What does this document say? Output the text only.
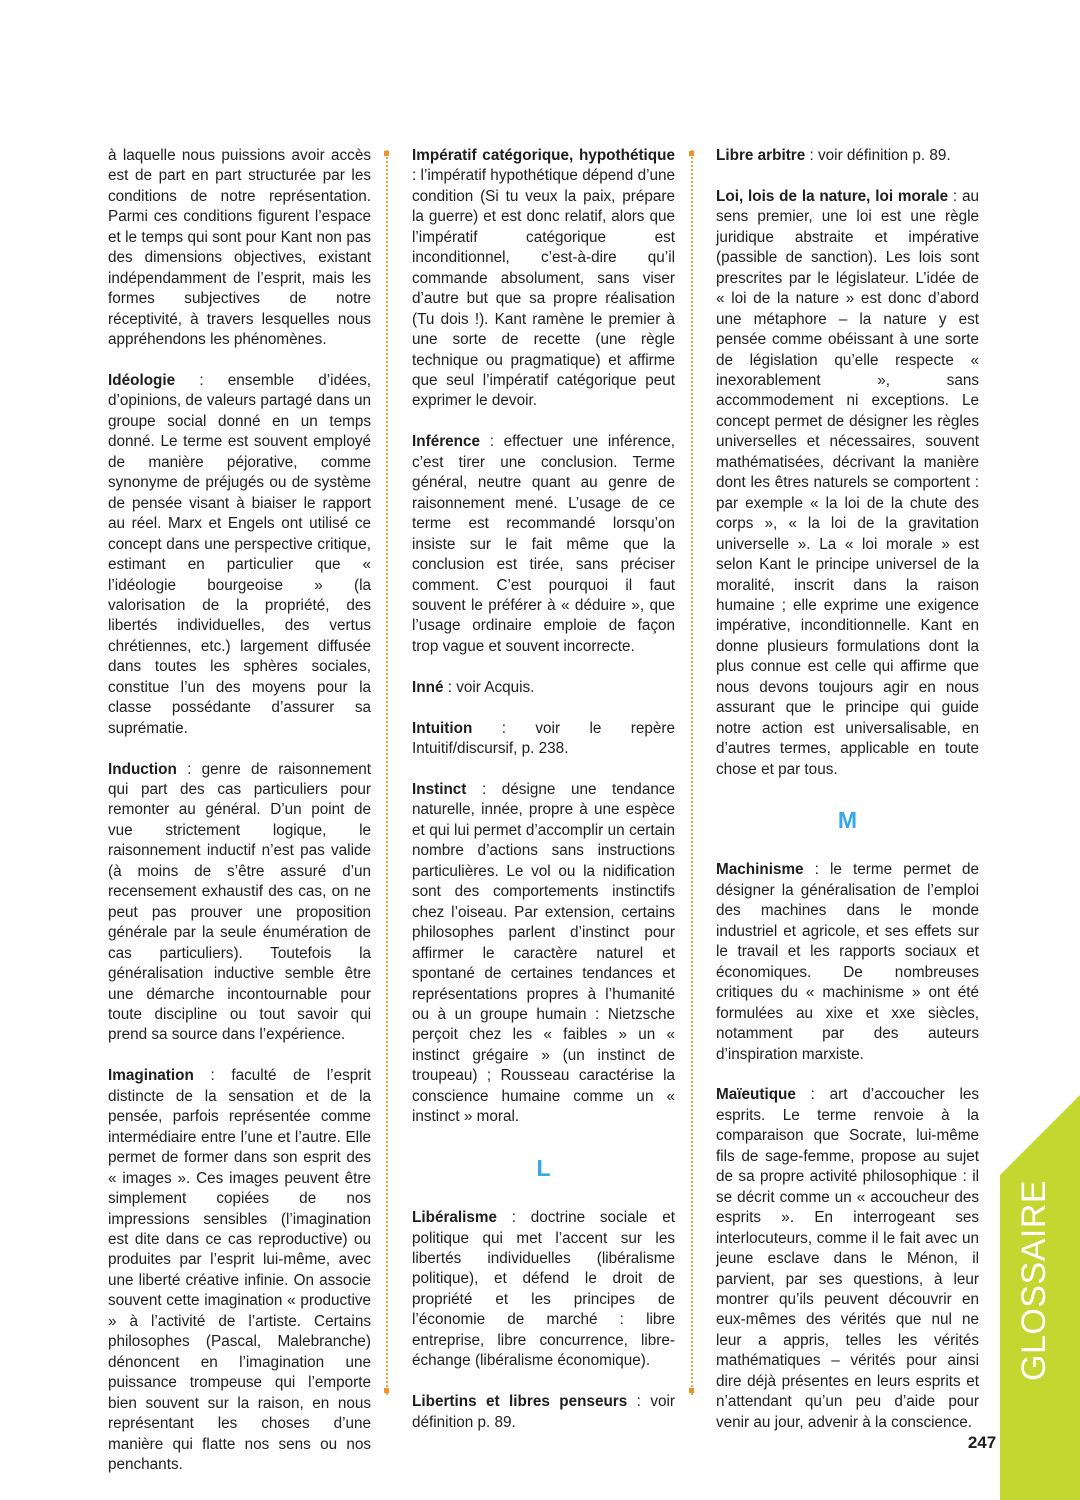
à laquelle nous puissions avoir accès est de part en part structurée par les conditions de notre représentation. Parmi ces conditions figurent l’espace et le temps qui sont pour Kant non pas des dimensions objectives, existant indépendamment de l’esprit, mais les formes subjectives de notre réceptivité, à travers lesquelles nous appréhendons les phénomènes.

Idéologie : ensemble d’idées, d’opinions, de valeurs partagé dans un groupe social donné en un temps donné. Le terme est souvent employé de manière péjorative, comme synonyme de préjugés ou de système de pensée visant à biaiser le rapport au réel. Marx et Engels ont utilisé ce concept dans une perspective critique, estimant en particulier que « l’idéologie bourgeoise » (la valorisation de la propriété, des libertés individuelles, des vertus chrétiennes, etc.) largement diffusée dans toutes les sphères sociales, constitue l’un des moyens pour la classe possédante d’assurer sa suprématie.

Induction : genre de raisonnement qui part des cas particuliers pour remonter au général. D’un point de vue strictement logique, le raisonnement inductif n’est pas valide (à moins de s’être assuré d’un recensement exhaustif des cas, on ne peut pas prouver une proposition générale par la seule énumération de cas particuliers). Toutefois la généralisation inductive semble être une démarche incontournable pour toute discipline ou tout savoir qui prend sa source dans l’expérience.

Imagination : faculté de l’esprit distincte de la sensation et de la pensée, parfois représentée comme intermédiaire entre l’une et l’autre. Elle permet de former dans son esprit des « images ». Ces images peuvent être simplement copiées de nos impressions sensibles (l’imagination est dite dans ce cas reproductive) ou produites par l’esprit lui-même, avec une liberté créative infinie. On associe souvent cette imagination « productive » à l’activité de l’artiste. Certains philosophes (Pascal, Malebranche) dénoncent en l’imagination une puissance trompeuse qui l’emporte bien souvent sur la raison, en nous représentant les choses d’une manière qui flatte nos sens ou nos penchants.

Impératif catégorique, hypothétique : l’impératif hypothétique dépend d’une condition (Si tu veux la paix, prépare la guerre) et est donc relatif, alors que l’impératif catégorique est inconditionnel, c’est-à-dire qu’il commande absolument, sans viser d’autre but que sa propre réalisation (Tu dois !). Kant ramène le premier à une sorte de recette (une règle technique ou pragmatique) et affirme que seul l’impératif catégorique peut exprimer le devoir.

Inférence : effectuer une inférence, c’est tirer une conclusion. Terme général, neutre quant au genre de raisonnement mené. L’usage de ce terme est recommandé lorsqu’on insiste sur le fait même que la conclusion est tirée, sans préciser comment. C’est pourquoi il faut souvent le préférer à « déduire », que l’usage ordinaire emploie de façon trop vague et souvent incorrecte.

Inné : voir Acquis.

Intuition : voir le repère Intuitif/discursif, p. 238.

Instinct : désigne une tendance naturelle, innée, propre à une espèce et qui lui permet d’accomplir un certain nombre d’actions sans instructions particulières. Le vol ou la nidification sont des comportements instinctifs chez l’oiseau. Par extension, certains philosophes parlent d’instinct pour affirmer le caractère naturel et spontané de certaines tendances et représentations propres à l’humanité ou à un groupe humain : Nietzsche perçoit chez les « faibles » un « instinct grégaire » (un instinct de troupeau) ; Rousseau caractérise la conscience humaine comme un « instinct » moral.

L

Libéralisme : doctrine sociale et politique qui met l’accent sur les libertés individuelles (libéralisme politique), et défend le droit de propriété et les principes de l’économie de marché : libre entreprise, libre concurrence, libre-échange (libéralisme économique).

Libertins et libres penseurs : voir définition p. 89.

Libre arbitre : voir définition p. 89.

Loi, lois de la nature, loi morale : au sens premier, une loi est une règle juridique abstraite et impérative (passible de sanction). Les lois sont prescrites par le législateur. L’idée de « loi de la nature » est donc d’abord une métaphore – la nature y est pensée comme obéissant à une sorte de législation qu’elle respecte « inexorablement », sans accommodement ni exceptions. Le concept permet de désigner les règles universelles et nécessaires, souvent mathématisées, décrivant la manière dont les êtres naturels se comportent : par exemple « la loi de la chute des corps », « la loi de la gravitation universelle ». La « loi morale » est selon Kant le principe universel de la moralité, inscrit dans la raison humaine ; elle exprime une exigence impérative, inconditionnelle. Kant en donne plusieurs formulations dont la plus connue est celle qui affirme que nous devons toujours agir en nous assurant que le principe qui guide notre action est universalisable, en d’autres termes, applicable en toute chose et par tous.

M

Machinisme : le terme permet de désigner la généralisation de l’emploi des machines dans le monde industriel et agricole, et ses effets sur le travail et les rapports sociaux et économiques. De nombreuses critiques du « machinisme » ont été formulées au xixe et xxe siècles, notamment par des auteurs d’inspiration marxiste.

Maïeutique : art d’accoucher les esprits. Le terme renvoie à la comparaison que Socrate, lui-même fils de sage-femme, propose au sujet de sa propre activité philosophique : il se décrit comme un « accoucheur des esprits ». En interrogeant ses interlocuteurs, comme il le fait avec un jeune esclave dans le Ménon, il parvient, par ses questions, à leur montrer qu’ils peuvent découvrir en eux-mêmes des vérités que nul ne leur a appris, telles les vérités mathématiques – vérités pour ainsi dire déjà présentes en leurs esprits et n’attendant qu’un peu d’aide pour venir au jour, advenir à la conscience.

GLOSSAIRE
247
